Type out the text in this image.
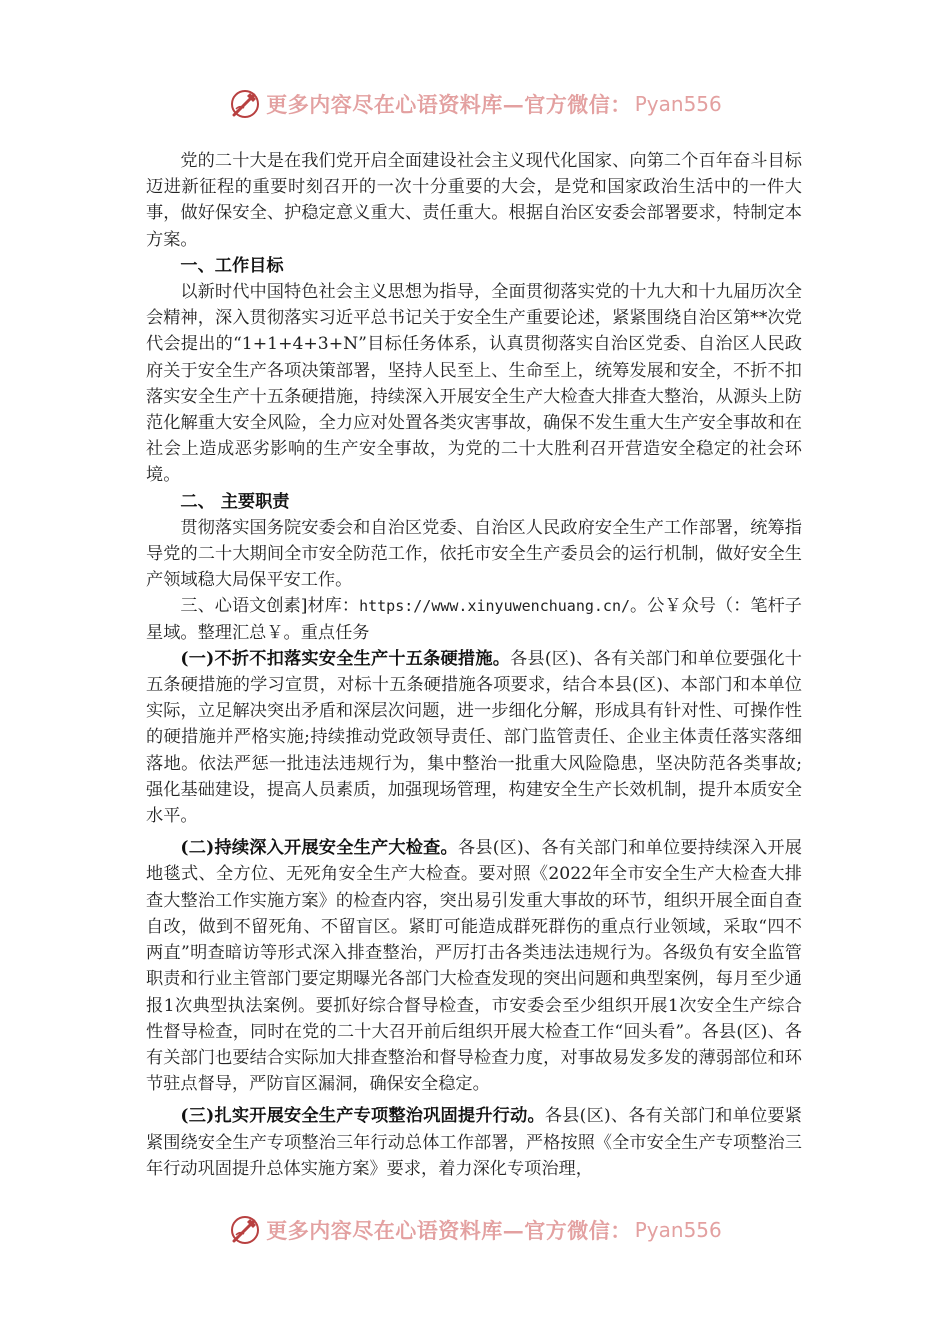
更多内容尽在心语资料库—官方微信： Pyan556

党的二十大是在我们党开启全面建设社会主义现代化国家、向第二个百年奋斗目标迈进新征程的重要时刻召开的一次十分重要的大会，是党和国家政治生活中的一件大事，做好保安全、护稳定意义重大、责任重大。根据自治区安委会部署要求，特制定本方案。

一、工作目标

以新时代中国特色社会主义思想为指导，全面贯彻落实党的十九大和十九届历次全会精神，深入贯彻落实习近平总书记关于安全生产重要论述，紧紧围绕自治区第**次党代会提出的“1+1+4+3+N”目标任务体系，认真贯彻落实自治区党委、自治区人民政府关于安全生产各项决策部署，坚持人民至上、生命至上，统筹发展和安全，不折不扣落实安全生产十五条硬措施，持续深入开展安全生产大检查大排查大整治，从源头上防范化解重大安全风险，全力应对处置各类灾害事故，确保不发生重大生产安全事故和在社会上造成恶劣影响的生产安全事故，为党的二十大胜利召开营造安全稳定的社会环境。

二、 主要职责

贯彻落实国务院安委会和自治区党委、自治区人民政府安全生产工作部署，统筹指导党的二十大期间全市安全防范工作，依托市安全生产委员会的运行机制，做好安全生产领域稳大局保平安工作。

三、心语文创素]材库：https://www.xinyuwenchuang.cn/。公￥众号（：笔杆子星域。整理汇总￥。重点任务

(一)不折不扣落实安全生产十五条硬措施。各县(区)、各有关部门和单位要强化十五条硬措施的学习宣贯，对标十五条硬措施各项要求，结合本县(区)、本部门和本单位实际，立足解决突出矛盾和深层次问题，进一步细化分解，形成具有针对性、可操作性的硬措施并严格实施;持续推动党政领导责任、部门监管责任、企业主体责任落实落细落地。依法严惩一批违法违规行为，集中整治一批重大风险隐患，坚决防范各类事故;强化基础建设，提高人员素质，加强现场管理，构建安全生产长效机制，提升本质安全水平。

(二)持续深入开展安全生产大检查。各县(区)、各有关部门和单位要持续深入开展地毯式、全方位、无死角安全生产大检查。要对照《2022年全市安全生产大检查大排查大整治工作实施方案》的检查内容，突出易引发重大事故的环节，组织开展全面自查自改，做到不留死角、不留盲区。紧盯可能造成群死群伤的重点行业领域，采取“四不两直”明查暗访等形式深入排查整治，严厉打击各类违法违规行为。各级负有安全监管职责和行业主管部门要定期曝光各部门大检查发现的突出问题和典型案例，每月至少通报1次典型执法案例。要抓好综合督导检查，市安委会至少组织开展1次安全生产综合性督导检查，同时在党的二十大召开前后组织开展大检查工作“回头看”。各县(区)、各有关部门也要结合实际加大排查整治和督导检查力度，对事故易发多发的薄弱部位和环节驻点督导，严防盲区漏洞，确保安全稳定。

(三)扎实开展安全生产专项整治巩固提升行动。各县(区)、各有关部门和单位要紧紧围绕安全生产专项整治三年行动总体工作部署，严格按照《全市安全生产专项整治三年行动巩固提升总体实施方案》要求，着力深化专项治理，

更多内容尽在心语资料库—官方微信： Pyan556
